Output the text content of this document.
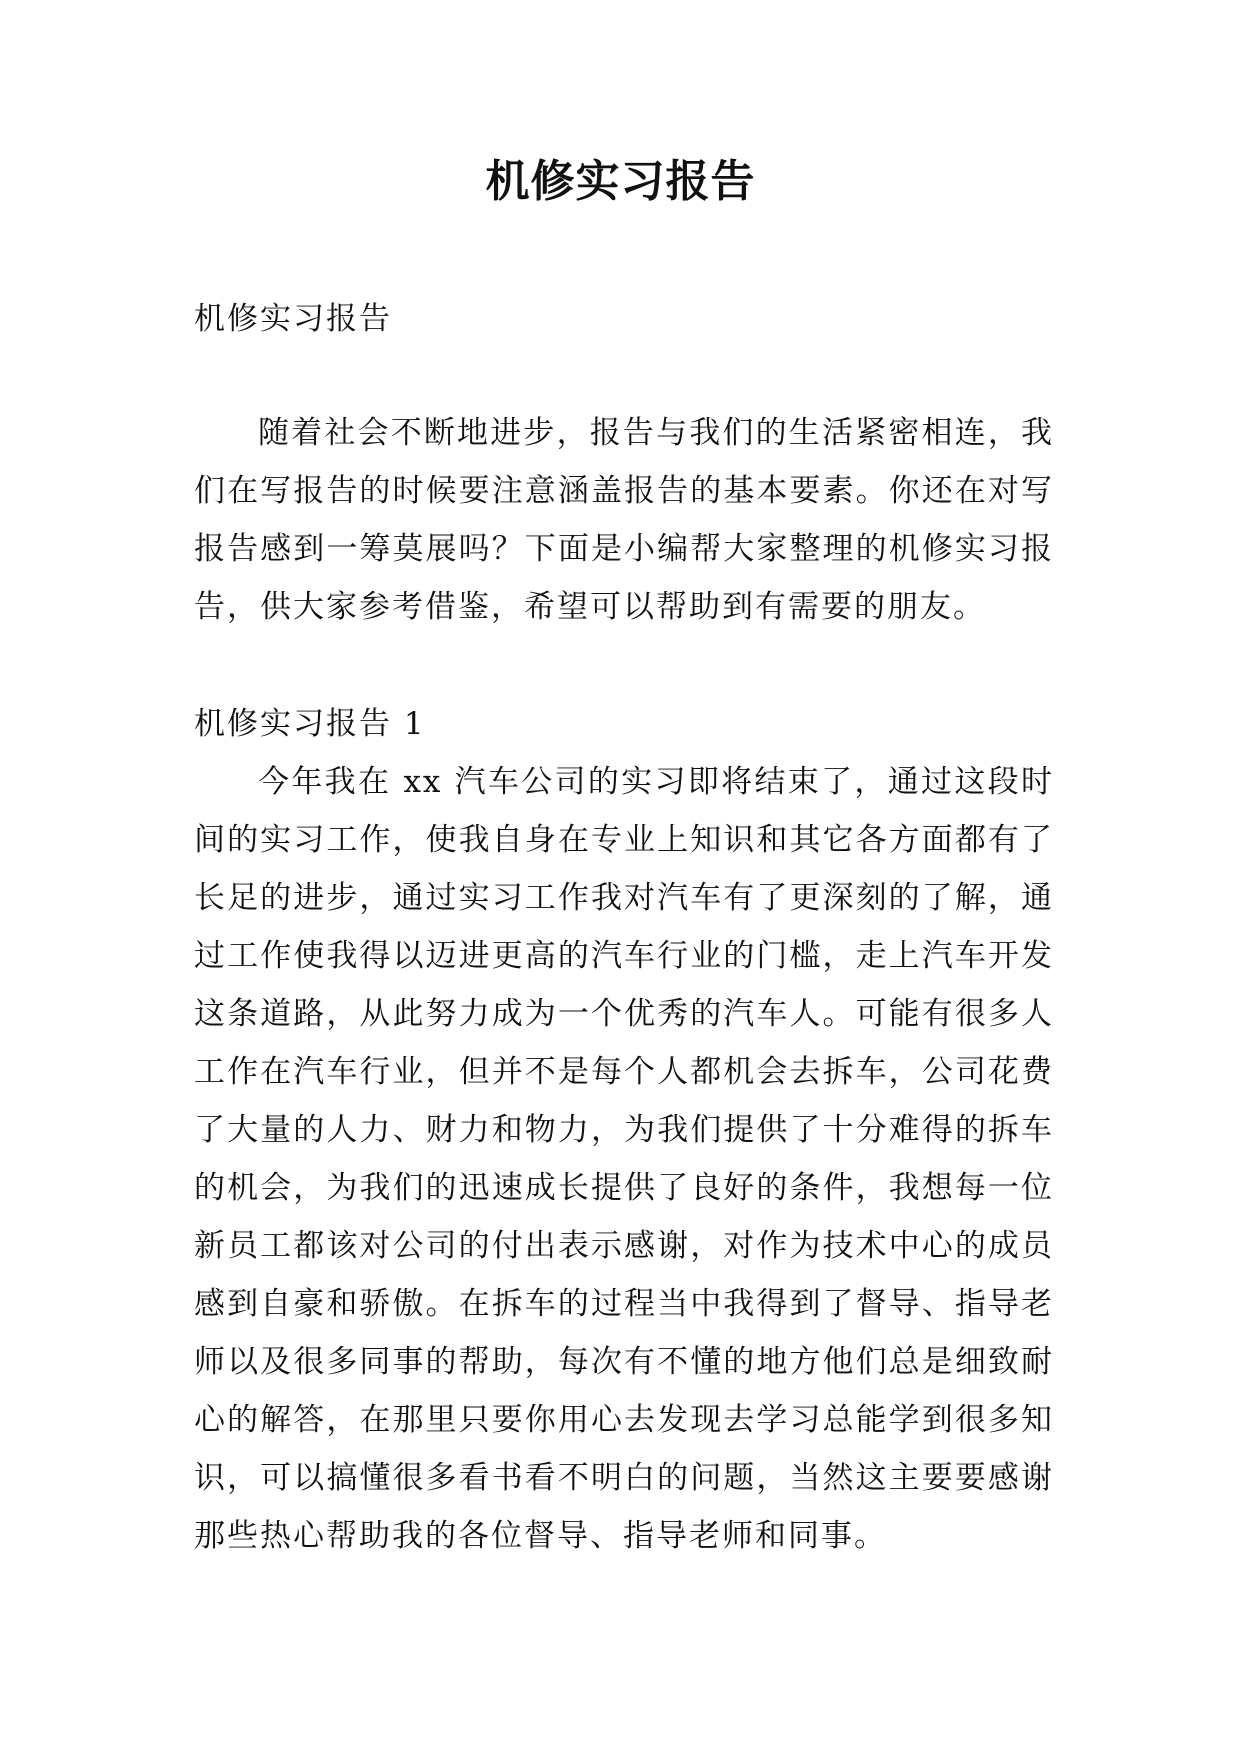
机修实习报告
机修实习报告
随着社会不断地进步，报告与我们的生活紧密相连，我们在写报告的时候要注意涵盖报告的基本要素。你还在对写报告感到一筹莫展吗？下面是小编帮大家整理的机修实习报告，供大家参考借鉴，希望可以帮助到有需要的朋友。
机修实习报告 1
今年我在 xx 汽车公司的实习即将结束了，通过这段时间的实习工作，使我自身在专业上知识和其它各方面都有了长足的进步，通过实习工作我对汽车有了更深刻的了解，通过工作使我得以迈进更高的汽车行业的门槛，走上汽车开发这条道路，从此努力成为一个优秀的汽车人。可能有很多人工作在汽车行业，但并不是每个人都机会去拆车，公司花费了大量的人力、财力和物力，为我们提供了十分难得的拆车的机会，为我们的迅速成长提供了良好的条件，我想每一位新员工都该对公司的付出表示感谢，对作为技术中心的成员感到自豪和骄傲。在拆车的过程当中我得到了督导、指导老师以及很多同事的帮助，每次有不懂的地方他们总是细致耐心的解答，在那里只要你用心去发现去学习总能学到很多知识，可以搞懂很多看书看不明白的问题，当然这主要要感谢那些热心帮助我的各位督导、指导老师和同事。
